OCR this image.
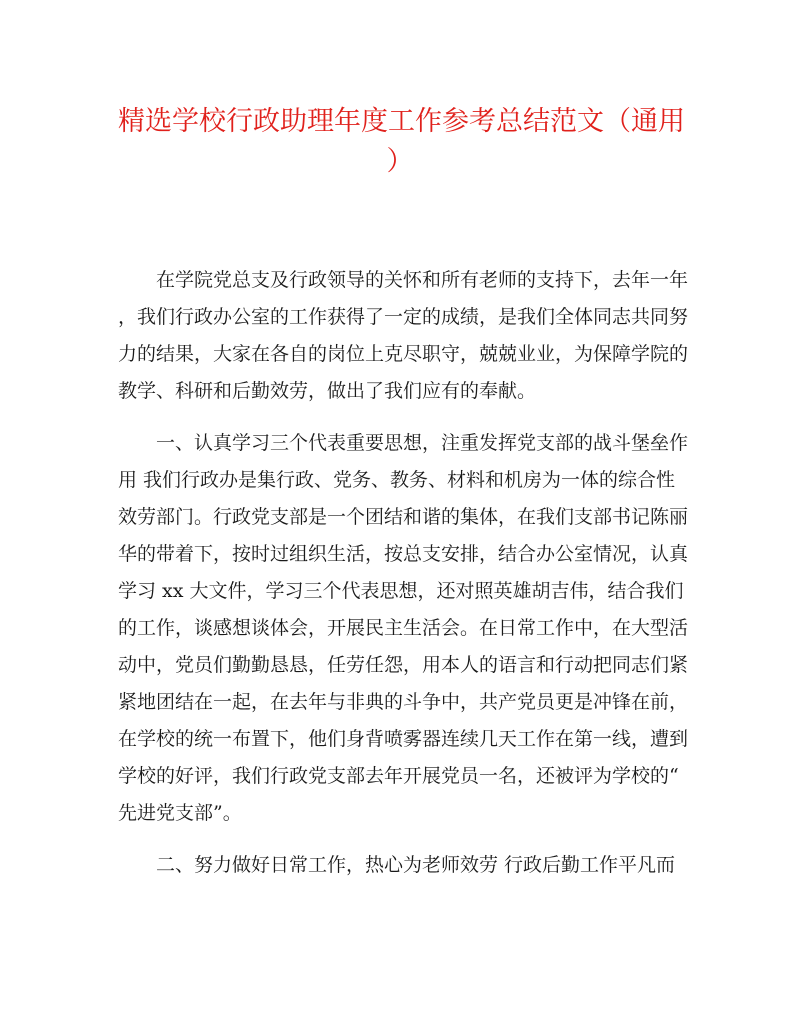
精选学校行政助理年度工作参考总结范文（通用
）
　　在学院党总支及行政领导的关怀和所有老师的支持下，去年一年
，我们行政办公室的工作获得了一定的成绩，是我们全体同志共同努
力的结果，大家在各自的岗位上克尽职守，兢兢业业，为保障学院的
教学、科研和后勤效劳，做出了我们应有的奉献。
　　一、认真学习三个代表重要思想，注重发挥党支部的战斗堡垒作
用 我们行政办是集行政、党务、教务、材料和机房为一体的综合性
效劳部门。行政党支部是一个团结和谐的集体，在我们支部书记陈丽
华的带着下，按时过组织生活，按总支安排，结合办公室情况，认真
学习 xx 大文件，学习三个代表思想，还对照英雄胡吉伟，结合我们
的工作，谈感想谈体会，开展民主生活会。在日常工作中，在大型活
动中，党员们勤勤恳恳，任劳任怨，用本人的语言和行动把同志们紧
紧地团结在一起，在去年与非典的斗争中，共产党员更是冲锋在前，
在学校的统一布置下，他们身背喷雾器连续几天工作在第一线，遭到
学校的好评，我们行政党支部去年开展党员一名，还被评为学校的“
先进党支部”。
　　二、努力做好日常工作，热心为老师效劳 行政后勤工作平凡而
